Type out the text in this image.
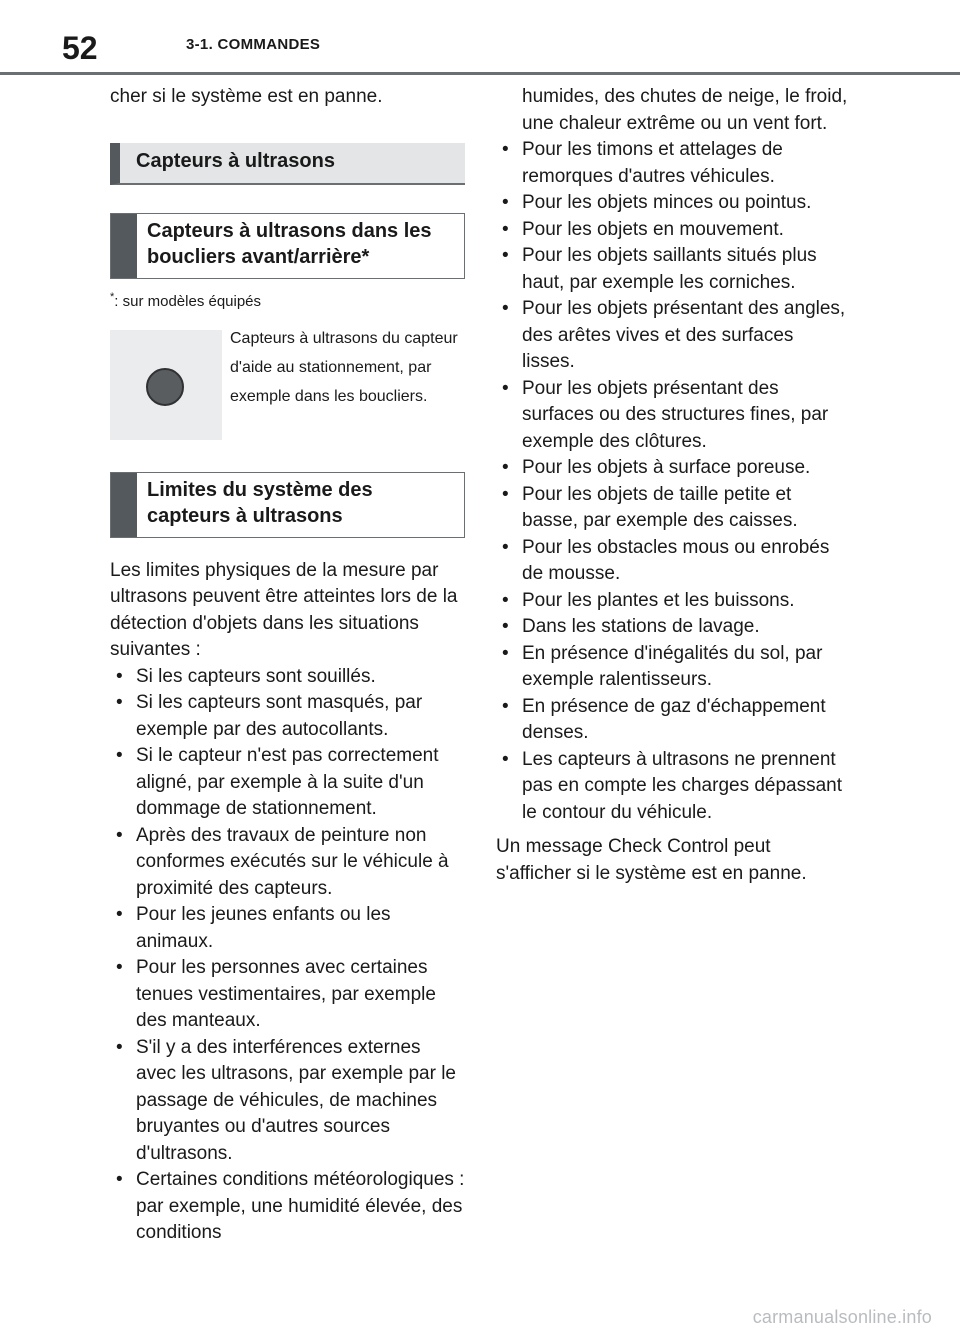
52	3-1. COMMANDES

cher si le système est en panne.

Capteurs à ultrasons
Capteurs à ultrasons dans les boucliers avant/arrière*
*: sur modèles équipés
Capteurs à ultrasons du capteur d'aide au stationnement, par exemple dans les boucliers.
Limites du système des capteurs à ultrasons

Les limites physiques de la mesure par ultrasons peuvent être atteintes lors de la détection d'objets dans les situations suivantes :

• Si les capteurs sont souillés.
• Si les capteurs sont masqués, par exemple par des autocollants.
• Si le capteur n'est pas correctement aligné, par exemple à la suite d'un dommage de stationnement.
• Après des travaux de peinture non conformes exécutés sur le véhicule à proximité des capteurs.
• Pour les jeunes enfants ou les animaux.
• Pour les personnes avec certaines tenues vestimentaires, par exemple des manteaux.
• S'il y a des interférences externes avec les ultrasons, par exemple par le passage de véhicules, de machines bruyantes ou d'autres sources d'ultrasons.
• Certaines conditions météorologiques : par exemple, une humidité élevée, des conditions

humides, des chutes de neige, le froid, une chaleur extrême ou un vent fort.

• Pour les timons et attelages de remorques d'autres véhicules.
• Pour les objets minces ou pointus.
• Pour les objets en mouvement.
• Pour les objets saillants situés plus haut, par exemple les corniches.
• Pour les objets présentant des angles, des arêtes vives et des surfaces lisses.
• Pour les objets présentant des surfaces ou des structures fines, par exemple des clôtures.
• Pour les objets à surface poreuse.
• Pour les objets de taille petite et basse, par exemple des caisses.
• Pour les obstacles mous ou enrobés de mousse.
• Pour les plantes et les buissons.
• Dans les stations de lavage.
• En présence d'inégalités du sol, par exemple ralentisseurs.
• En présence de gaz d'échappement denses.
• Les capteurs à ultrasons ne prennent pas en compte les charges dépassant le contour du véhicule.

Un message Check Control peut s'afficher si le système est en panne.

carmanualsonline.info
